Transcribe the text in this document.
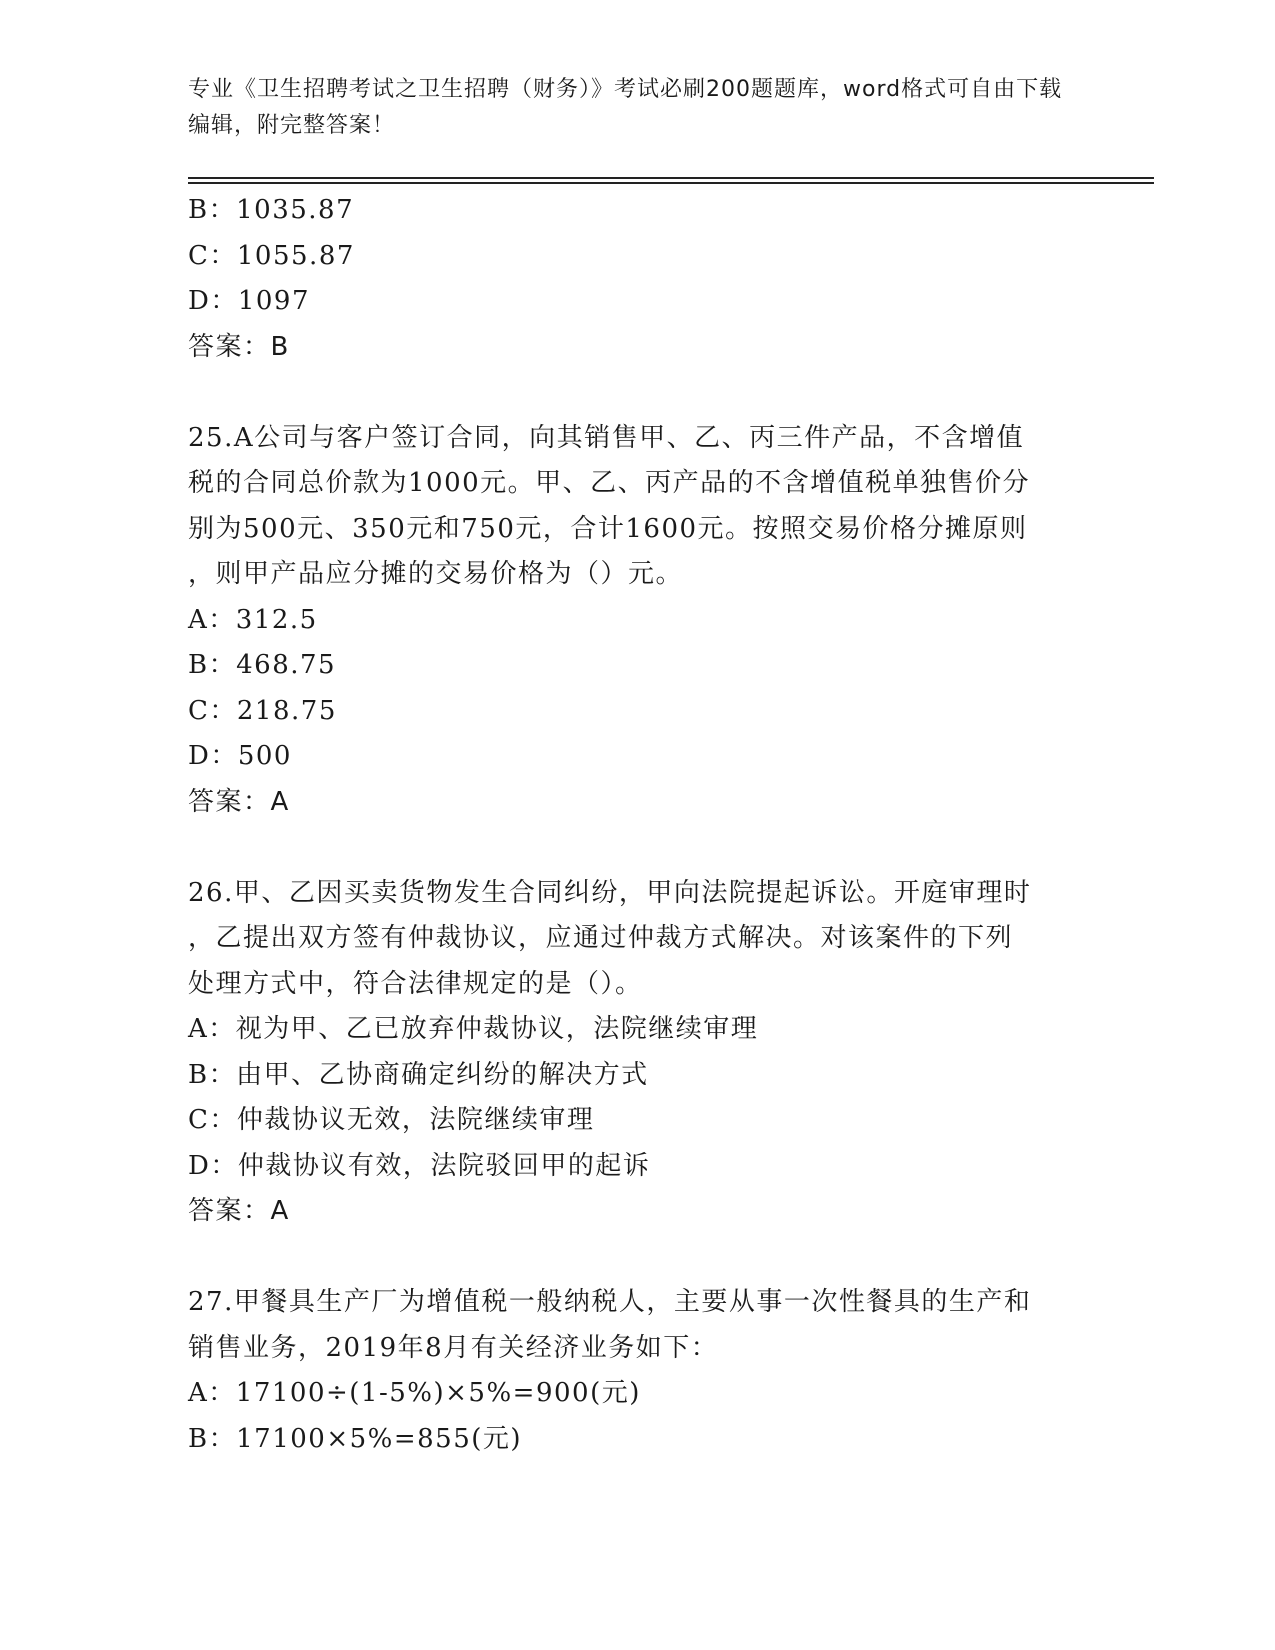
专业《卫生招聘考试之卫生招聘（财务）》考试必刷200题题库，word格式可自由下载编辑，附完整答案！
B：1035.87
C：1055.87
D：1097
答案：B
25.A公司与客户签订合同，向其销售甲、乙、丙三件产品，不含增值
税的合同总价款为1000元。甲、乙、丙产品的不含增值税单独售价分
别为500元、350元和750元，合计1600元。按照交易价格分摊原则
，则甲产品应分摊的交易价格为（）元。
A：312.5
B：468.75
C：218.75
D：500
答案：A
26.甲、乙因买卖货物发生合同纠纷，甲向法院提起诉讼。开庭审理时
，乙提出双方签有仲裁协议，应通过仲裁方式解决。对该案件的下列
处理方式中，符合法律规定的是（）。
A：视为甲、乙已放弃仲裁协议，法院继续审理
B：由甲、乙协商确定纠纷的解决方式
C：仲裁协议无效，法院继续审理
D：仲裁协议有效，法院驳回甲的起诉
答案：A
27.甲餐具生产厂为增值税一般纳税人，主要从事一次性餐具的生产和
销售业务，2019年8月有关经济业务如下：
A：17100÷(1-5%)×5%=900(元)
B：17100×5%=855(元)
